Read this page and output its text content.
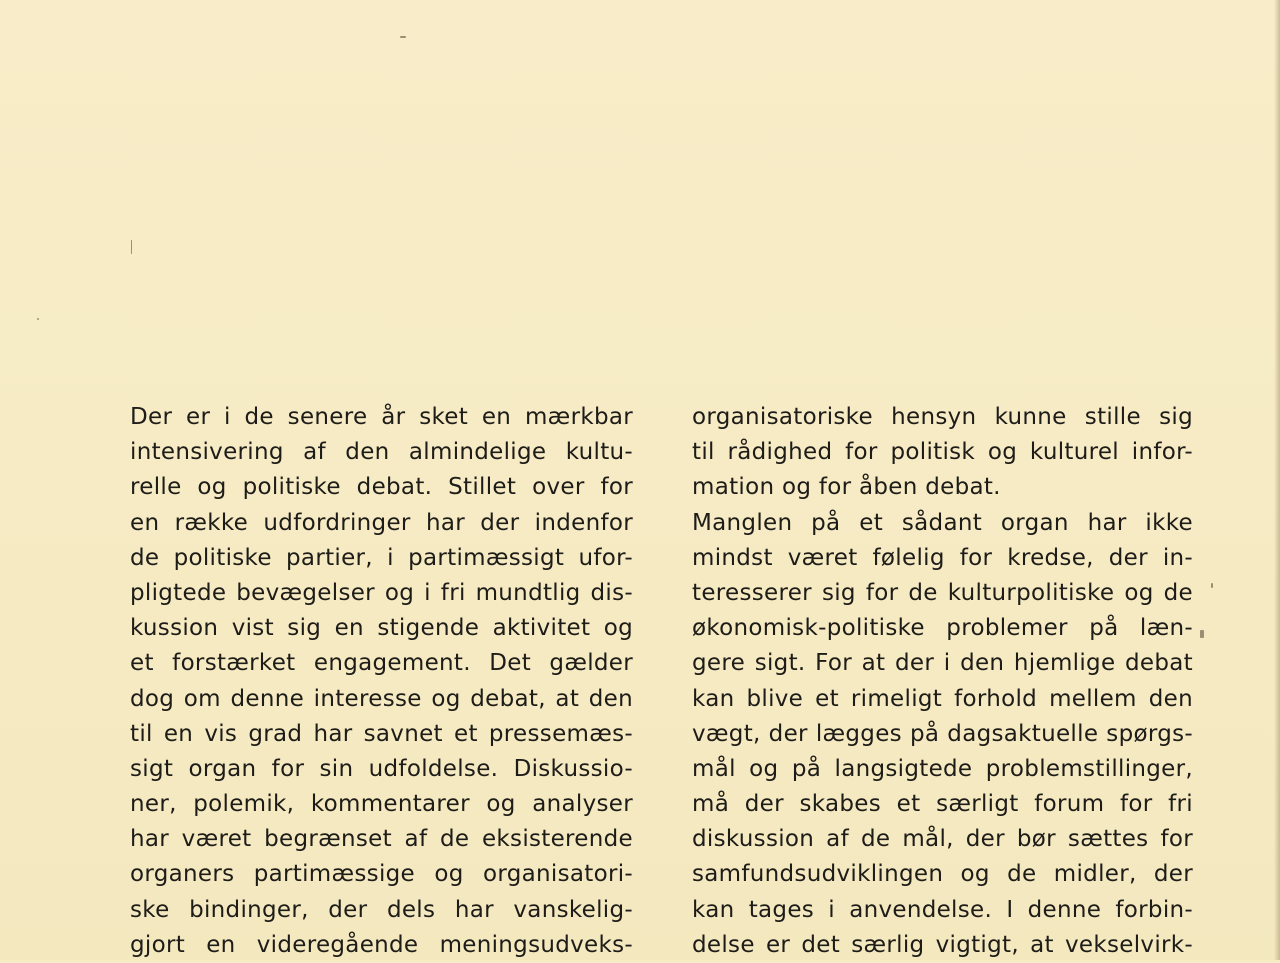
Der er i de senere år sket en mærkbar
intensivering af den almindelige kultu-
relle og politiske debat. Stillet over for
en række udfordringer har der indenfor
de politiske partier, i partimæssigt ufor-
pligtede bevægelser og i fri mundtlig dis-
kussion vist sig en stigende aktivitet og
et forstærket engagement. Det gælder
dog om denne interesse og debat, at den
til en vis grad har savnet et pressemæs-
sigt organ for sin udfoldelse. Diskussio-
ner, polemik, kommentarer og analyser
har været begrænset af de eksisterende
organers partimæssige og organisatori-
ske bindinger, der dels har vanskelig-
gjort en videregående meningsudveks-
organisatoriske hensyn kunne stille sig
til rådighed for politisk og kulturel infor-
mation og for åben debat.
Manglen på et sådant organ har ikke
mindst været følelig for kredse, der in-
teresserer sig for de kulturpolitiske og de
økonomisk-politiske problemer på læn-
gere sigt. For at der i den hjemlige debat
kan blive et rimeligt forhold mellem den
vægt, der lægges på dagsaktuelle spørgs-
mål og på langsigtede problemstillinger,
må der skabes et særligt forum for fri
diskussion af de mål, der bør sættes for
samfundsudviklingen og de midler, der
kan tages i anvendelse. I denne forbin-
delse er det særlig vigtigt, at vekselvirk-
